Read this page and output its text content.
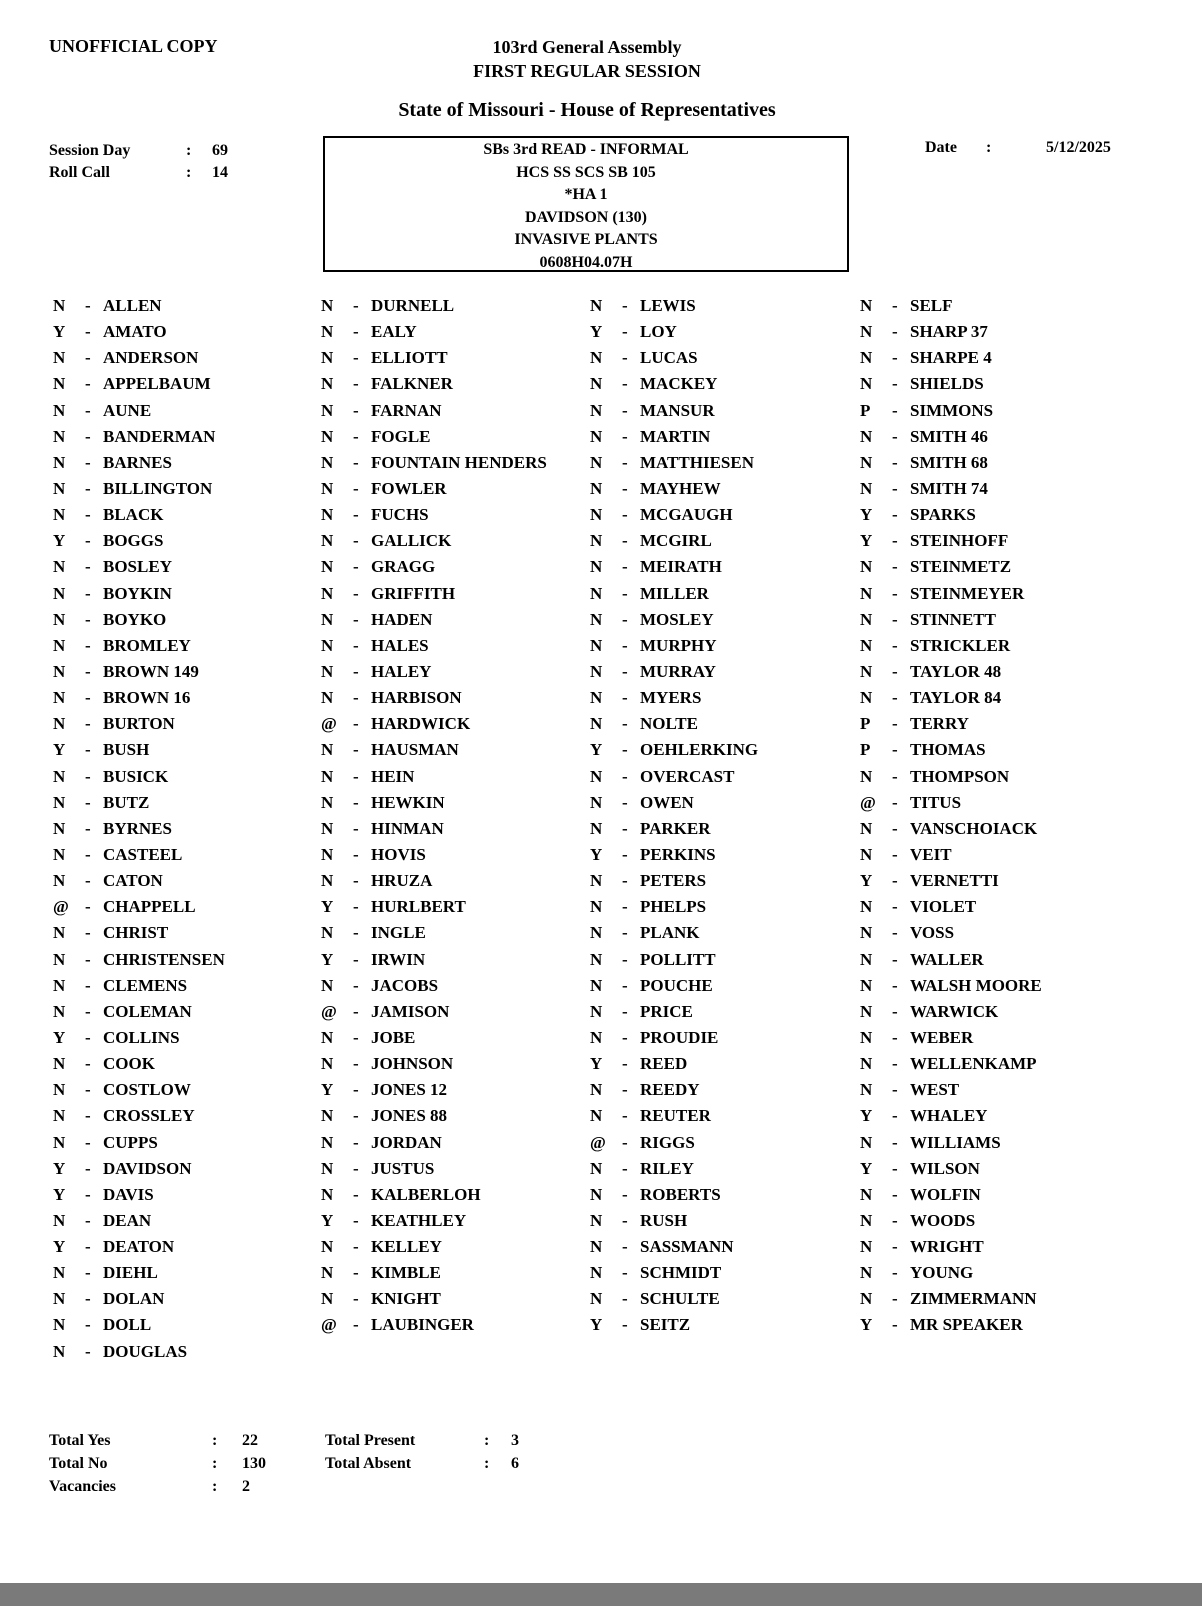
UNOFFICIAL COPY	103rd General Assembly
FIRST REGULAR SESSION
State of Missouri - House of Representatives
Session Day	: 69
Roll Call	: 14
SBs 3rd READ - INFORMAL
HCS SS SCS SB 105
*HA 1
DAVIDSON (130)
INVASIVE PLANTS
0608H04.07H
Date :	5/12/2025
N - ALLEN
Y - AMATO
N - ANDERSON
N - APPELBAUM
N - AUNE
N - BANDERMAN
N - BARNES
N - BILLINGTON
N - BLACK
Y - BOGGS
N - BOSLEY
N - BOYKIN
N - BOYKO
N - BROMLEY
N - BROWN 149
N - BROWN 16
N - BURTON
Y - BUSH
N - BUSICK
N - BUTZ
N - BYRNES
N - CASTEEL
N - CATON
@ - CHAPPELL
N - CHRIST
N - CHRISTENSEN
N - CLEMENS
N - COLEMAN
Y - COLLINS
N - COOK
N - COSTLOW
N - CROSSLEY
N - CUPPS
Y - DAVIDSON
Y - DAVIS
N - DEAN
Y - DEATON
N - DIEHL
N - DOLAN
N - DOLL
N - DOUGLAS
N - DURNELL
N - EALY
N - ELLIOTT
N - FALKNER
N - FARNAN
N - FOGLE
N - FOUNTAIN HENDERS
N - FOWLER
N - FUCHS
N - GALLICK
N - GRAGG
N - GRIFFITH
N - HADEN
N - HALES
N - HALEY
N - HARBISON
@ - HARDWICK
N - HAUSMAN
N - HEIN
N - HEWKIN
N - HINMAN
N - HOVIS
N - HRUZA
Y - HURLBERT
N - INGLE
Y - IRWIN
N - JACOBS
@ - JAMISON
N - JOBE
N - JOHNSON
Y - JONES 12
N - JONES 88
N - JORDAN
N - JUSTUS
N - KALBERLOH
Y - KEATHLEY
N - KELLEY
N - KIMBLE
N - KNIGHT
@ - LAUBINGER
N - LEWIS
Y - LOY
N - LUCAS
N - MACKEY
N - MANSUR
N - MARTIN
N - MATTHIESEN
N - MAYHEW
N - MCGAUGH
N - MCGIRL
N - MEIRATH
N - MILLER
N - MOSLEY
N - MURPHY
N - MURRAY
N - MYERS
N - NOLTE
Y - OEHLERKING
N - OVERCAST
N - OWEN
N - PARKER
Y - PERKINS
N - PETERS
N - PHELPS
N - PLANK
N - POLLITT
N - POUCHE
N - PRICE
N - PROUDIE
Y - REED
N - REEDY
N - REUTER
@ - RIGGS
N - RILEY
N - ROBERTS
N - RUSH
N - SASSMANN
N - SCHMIDT
N - SCHULTE
Y - SEITZ
N - SELF
N - SHARP 37
N - SHARPE 4
N - SHIELDS
P - SIMMONS
N - SMITH 46
N - SMITH 68
N - SMITH 74
Y - SPARKS
Y - STEINHOFF
N - STEINMETZ
N - STEINMEYER
N - STINNETT
N - STRICKLER
N - TAYLOR 48
N - TAYLOR 84
P - TERRY
P - THOMAS
N - THOMPSON
@ - TITUS
N - VANSCHOIACK
N - VEIT
Y - VERNETTI
N - VIOLET
N - VOSS
N - WALLER
N - WALSH MOORE
N - WARWICK
N - WEBER
N - WELLENKAMP
N - WEST
Y - WHALEY
N - WILLIAMS
Y - WILSON
N - WOLFIN
N - WOODS
N - WRIGHT
N - YOUNG
N - ZIMMERMANN
Y - MR SPEAKER
Total Yes	: 22	Total Present	: 3
Total No	: 130	Total Absent	: 6
Vacancies	: 2
